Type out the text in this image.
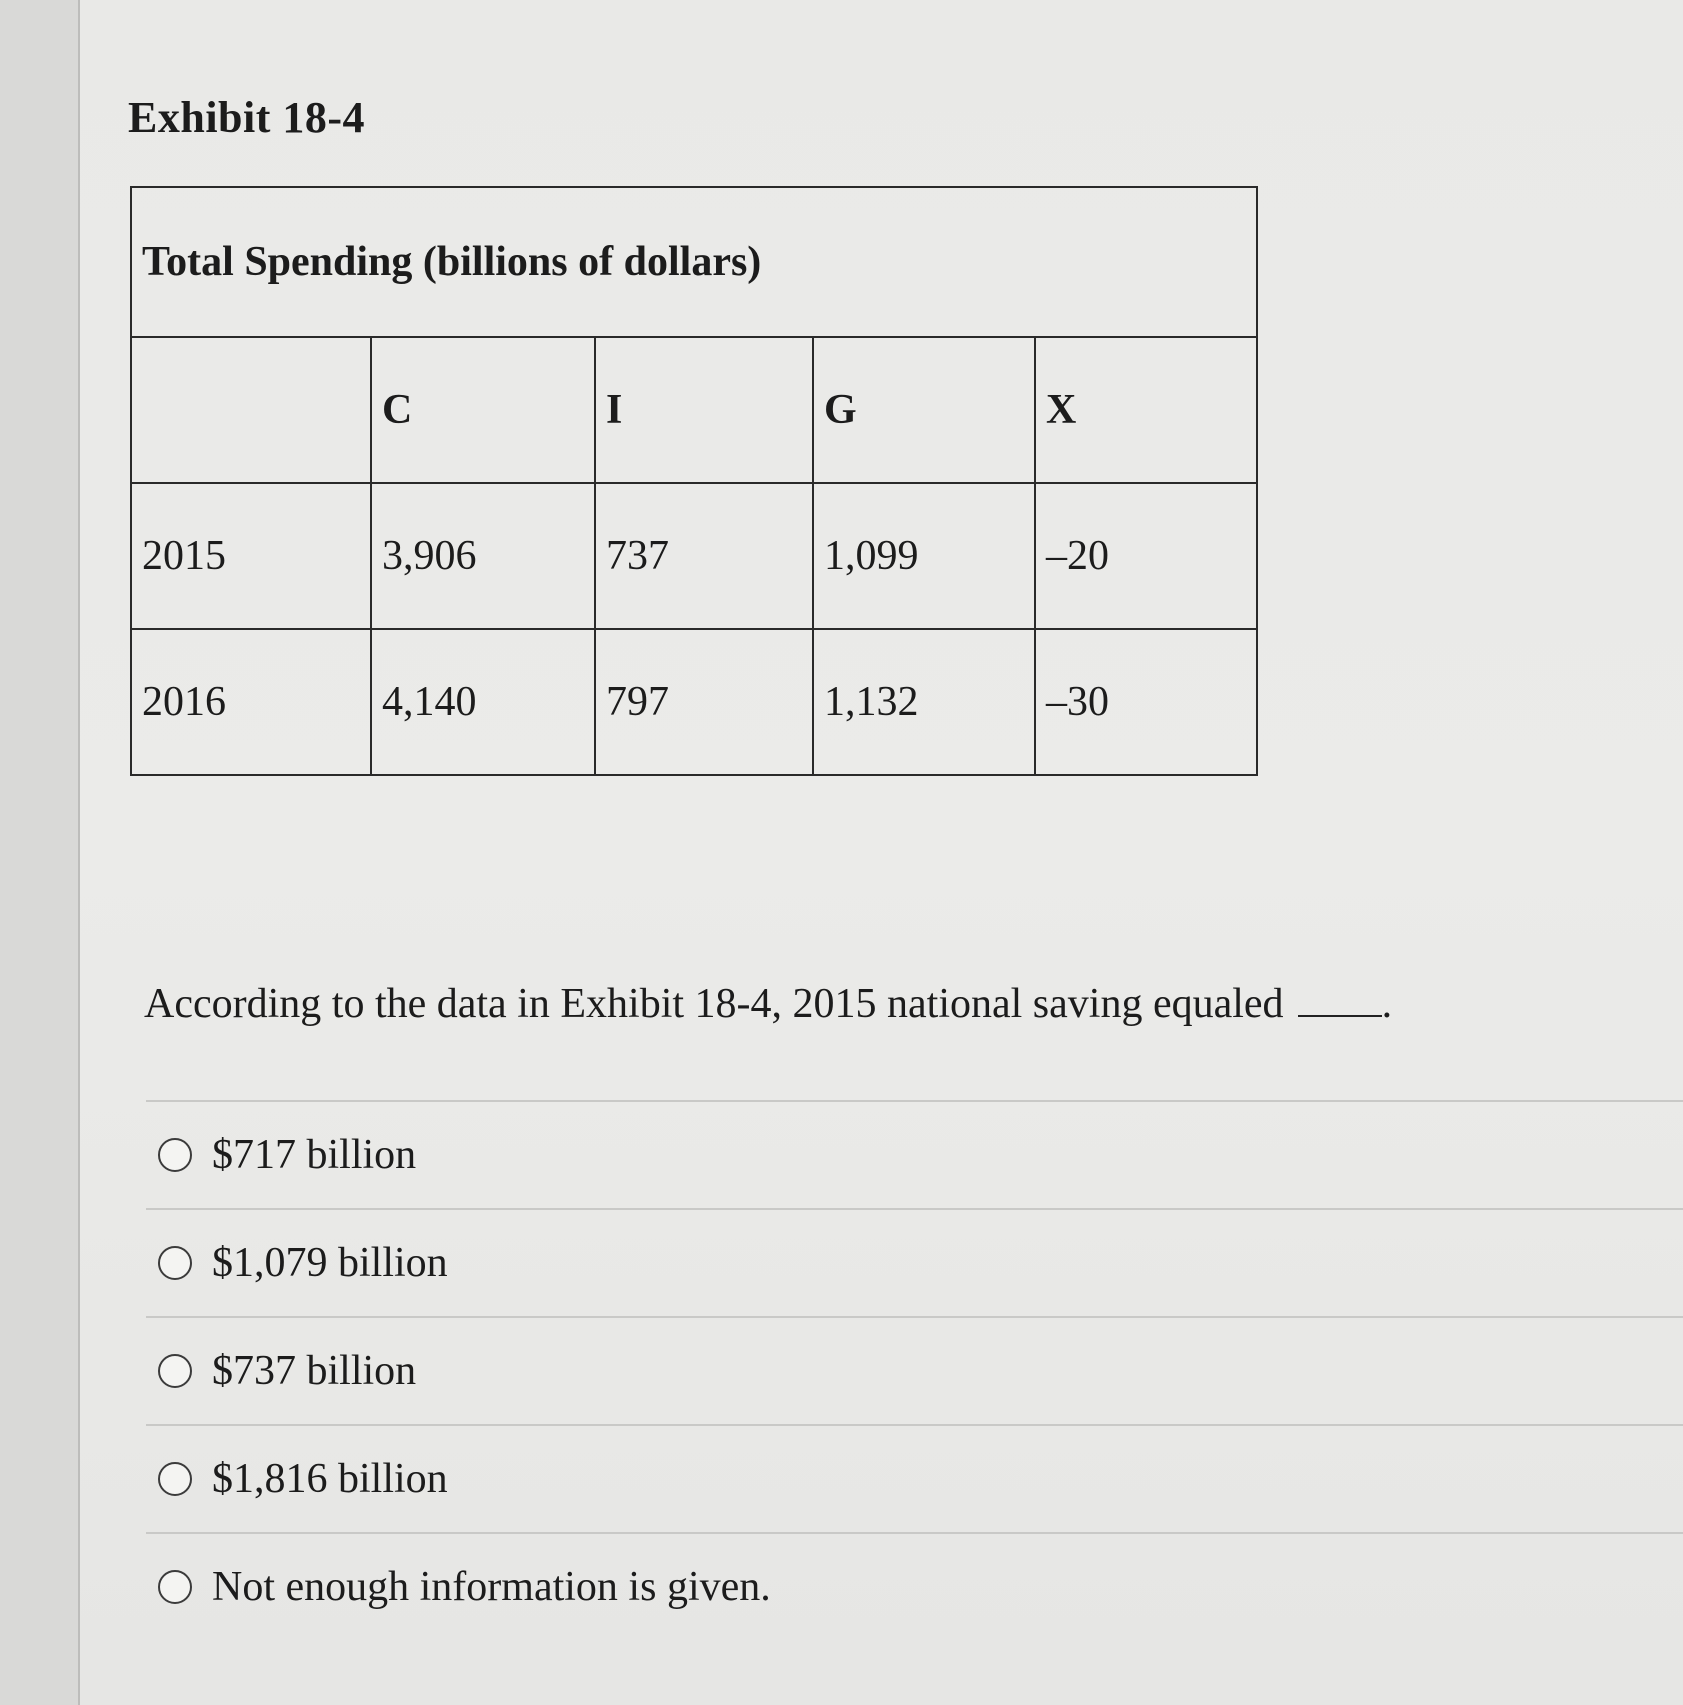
Exhibit 18-4
Total Spending (billions of dollars)				
	C	I	G	X
2015	3,906	737	1,099	–20
2016	4,140	797	1,132	–30
According to the data in Exhibit 18-4, 2015 national saving equaled .
$717 billion
$1,079 billion
$737 billion
$1,816 billion
Not enough information is given.
